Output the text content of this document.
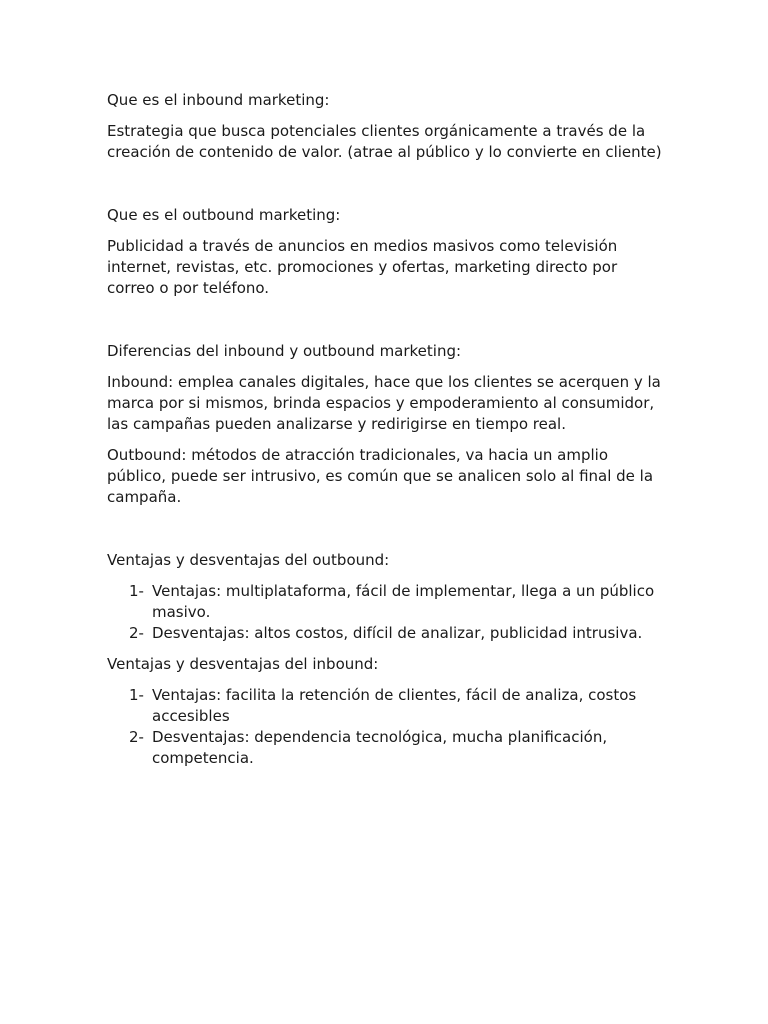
Que es el inbound marketing:

Estrategia que busca potenciales clientes orgánicamente a través de la creación de contenido de valor. (atrae al público y lo convierte en cliente)

Que es el outbound marketing:

Publicidad a través de anuncios en medios masivos como televisión internet, revistas, etc. promociones y ofertas, marketing directo por correo o por teléfono.

Diferencias del inbound y outbound marketing:

Inbound: emplea canales digitales, hace que los clientes se acerquen y la marca por si mismos, brinda espacios y empoderamiento al consumidor, las campañas pueden analizarse y redirigirse en tiempo real.

Outbound: métodos de atracción tradicionales, va hacia un amplio público, puede ser intrusivo, es común que se analicen solo al final de la campaña.

Ventajas y desventajas del outbound:

1- Ventajas: multiplataforma, fácil de implementar, llega a un público masivo.
2- Desventajas: altos costos, difícil de analizar, publicidad intrusiva.

Ventajas y desventajas del inbound:

1- Ventajas: facilita la retención de clientes, fácil de analiza, costos accesibles
2- Desventajas: dependencia tecnológica, mucha planificación, competencia.
